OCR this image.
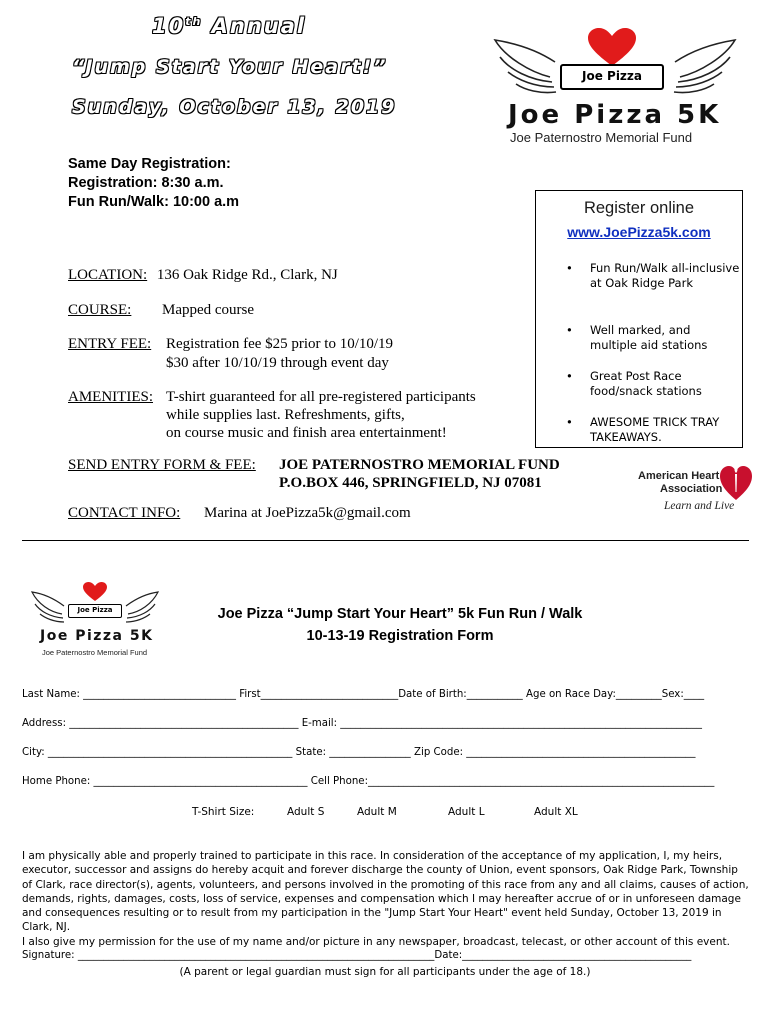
10th Annual
“Jump Start Your Heart!”
Sunday, October 13, 2019
Same Day Registration:
Registration: 8:30 a.m.
Fun Run/Walk: 10:00 a.m
Joe Pizza
Joe Pizza 5K
Joe Paternostro Memorial Fund
Register online
www.JoePizza5k.com
• Fun Run/Walk all-inclusive at Oak Ridge Park
• Well marked, and multiple aid stations
• Great Post Race food/snack stations
• AWESOME TRICK TRAY TAKEAWAYS.
LOCATION: 136 Oak Ridge Rd., Clark, NJ
COURSE: Mapped course
ENTRY FEE: Registration fee $25 prior to 10/10/19
$30 after 10/10/19 through event day
AMENITIES: T-shirt guaranteed for all pre-registered participants
while supplies last. Refreshments, gifts,
on course music and finish area entertainment!
SEND ENTRY FORM & FEE: JOE PATERNOSTRO MEMORIAL FUND
P.O.BOX 446, SPRINGFIELD, NJ 07081
CONTACT INFO: Marina at JoePizza5k@gmail.com
American Heart
Association
Learn and Live
Joe Pizza
Joe Pizza 5K
Joe Paternostro Memorial Fund
Joe Pizza “Jump Start Your Heart” 5k Fun Run / Walk
10-13-19 Registration Form
Last Name: ______________________________ First___________________________Date of Birth:___________ Age on Race Day:_________Sex:____
Address: _____________________________________________ E-mail: _______________________________________________________________________
City: ________________________________________________ State: ________________ Zip Code: _____________________________________________
Home Phone: __________________________________________ Cell Phone:____________________________________________________________________
T-Shirt Size:	Adult S	Adult M	Adult L	Adult XL
I am physically able and properly trained to participate in this race. In consideration of the acceptance of my application, I, my heirs, executor, successor and assigns do hereby acquit and forever discharge the county of Union, event sponsors, Oak Ridge Park, Township of Clark, race director(s), agents, volunteers, and persons involved in the promoting of this race from any and all claims, causes of action, demands, rights, damages, costs, loss of service, expenses and compensation which I may hereafter accrue of or in unforeseen damage and consequences resulting or to result from my participation in the "Jump Start Your Heart" event held Sunday, October 13, 2019 in Clark, NJ.
I also give my permission for the use of my name and/or picture in any newspaper, broadcast, telecast, or other account of this event.
Signature: ______________________________________________________________________Date:_____________________________________________
(A parent or legal guardian must sign for all participants under the age of 18.)
